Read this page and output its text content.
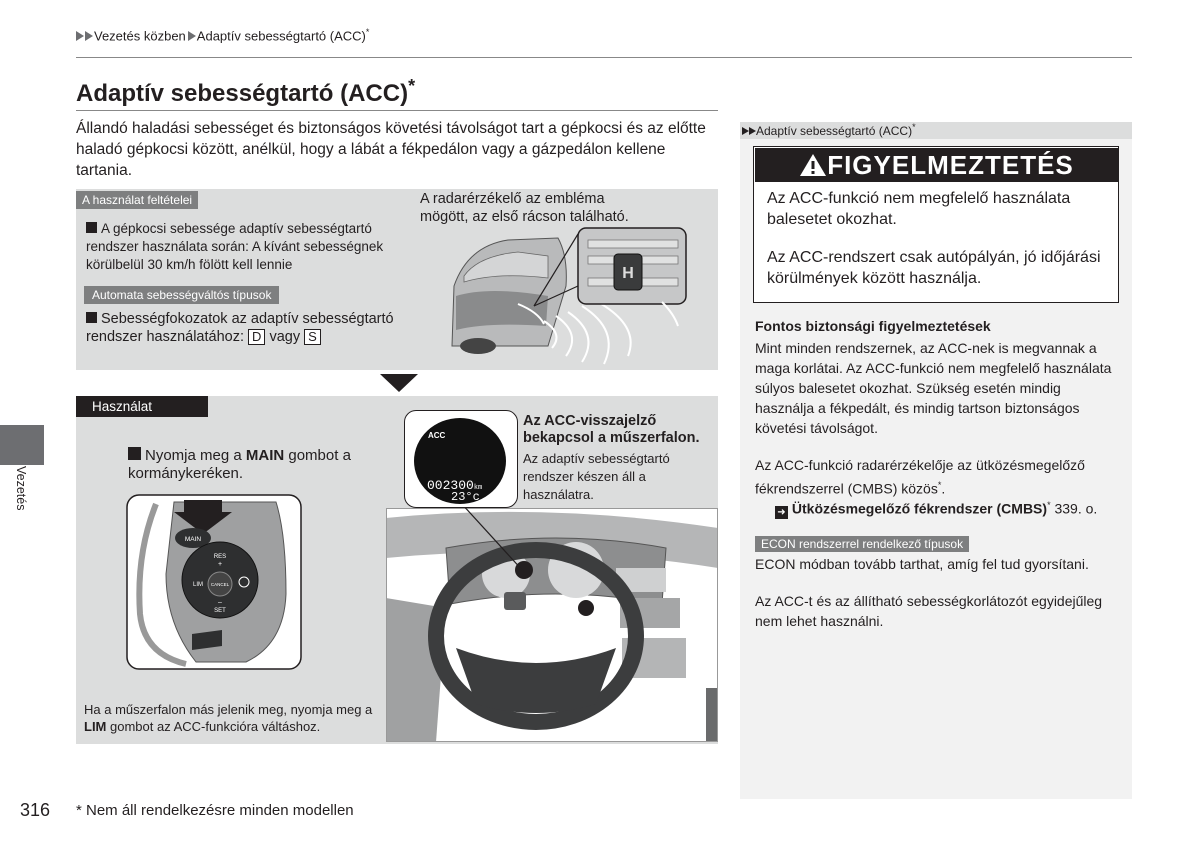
Vezetés közben Adaptív sebességtartó (ACC)*
Adaptív sebességtartó (ACC)*
Állandó haladási sebességet és biztonságos követési távolságot tart a gépkocsi és az előtte haladó gépkocsi között, anélkül, hogy a lábát a fékpedálon vagy a gázpedálon kellene tartania.
A használat feltételei
A gépkocsi sebessége adaptív sebességtartó rendszer használata során: A kívánt sebességnek körülbelül 30 km/h fölött kell lennie
Automata sebességváltós típusok
Sebességfokozatok az adaptív sebességtartó rendszer használatához: D vagy S
A radarérzékelő az embléma mögött, az első rácson található.
H
Használat
Nyomja meg a MAIN gombot a kormánykeréken.
MAIN
RES
+
LIM CANCEL
–
SET
Ha a műszerfalon más jelenik meg, nyomja meg a LIM gombot az ACC-funkcióra váltáshoz.
ACC
002300km
23°c
Az ACC-visszajelző bekapcsol a műszerfalon.
Az adaptív sebességtartó rendszer készen áll a használatra.
Adaptív sebességtartó (ACC)*
FIGYELMEZTETÉS
Az ACC-funkció nem megfelelő használata balesetet okozhat.
Az ACC-rendszert csak autópályán, jó időjárási körülmények között használja.
Fontos biztonsági figyelmeztetések
Mint minden rendszernek, az ACC-nek is megvannak a maga korlátai. Az ACC-funkció nem megfelelő használata súlyos balesetet okozhat. Szükség esetén mindig használja a fékpedált, és mindig tartson biztonságos követési távolságot.
Az ACC-funkció radarérzékelője az ütközésmegelőző fékrendszerrel (CMBS) közös*.
➜ Ütközésmegelőző fékrendszer (CMBS)* 339. o.
ECON rendszerrel rendelkező típusok
ECON módban tovább tarthat, amíg fel tud gyorsítani.
Az ACC-t és az állítható sebességkorlátozót egyidejűleg nem lehet használni.
Vezetés
316 * Nem áll rendelkezésre minden modellen
